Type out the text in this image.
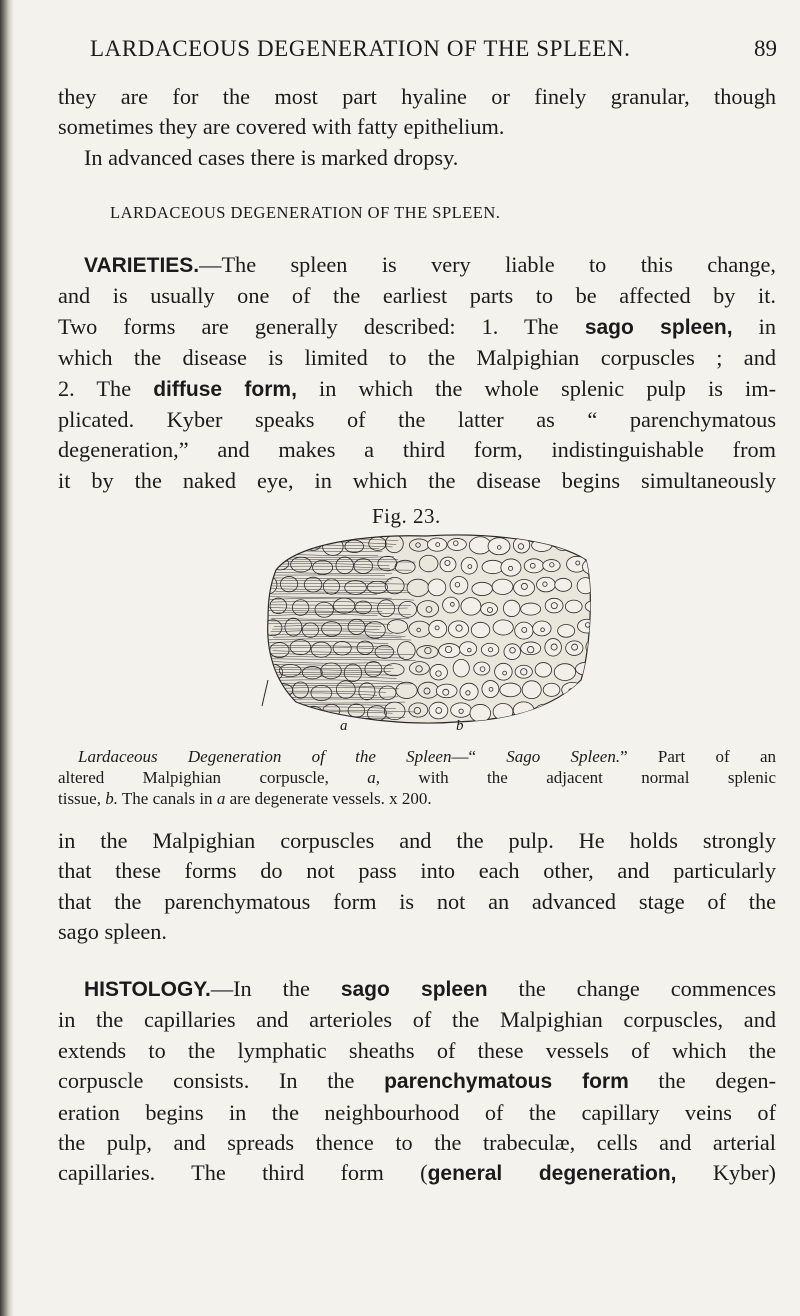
LARDACEOUS DEGENERATION OF THE SPLEEN.	89

they are for the most part hyaline or finely granular, though
sometimes they are covered with fatty epithelium.
In advanced cases there is marked dropsy.

LARDACEOUS DEGENERATION OF THE SPLEEN.

VARIETIES.—The spleen is very liable to this change,
and is usually one of the earliest parts to be affected by it.
Two forms are generally described: 1. The sago spleen, in
which the disease is limited to the Malpighian corpuscles ; and
2. The diffuse form, in which the whole splenic pulp is im-
plicated. Kyber speaks of the latter as “ parenchymatous
degeneration,” and makes a third form, indistinguishable from
it by the naked eye, in which the disease begins simultaneously

Fig. 23.
a	b

Lardaceous Degeneration of the Spleen—“ Sago Spleen.” Part of an
altered Malpighian corpuscle, a, with the adjacent normal splenic
tissue, b. The canals in a are degenerate vessels. x 200.

in the Malpighian corpuscles and the pulp. He holds strongly
that these forms do not pass into each other, and particularly
that the parenchymatous form is not an advanced stage of the
sago spleen.

HISTOLOGY.—In the sago spleen the change commences
in the capillaries and arterioles of the Malpighian corpuscles, and
extends to the lymphatic sheaths of these vessels of which the
corpuscle consists. In the parenchymatous form the degen-
eration begins in the neighbourhood of the capillary veins of
the pulp, and spreads thence to the trabeculæ, cells and arterial
capillaries. The third form (general degeneration, Kyber)
